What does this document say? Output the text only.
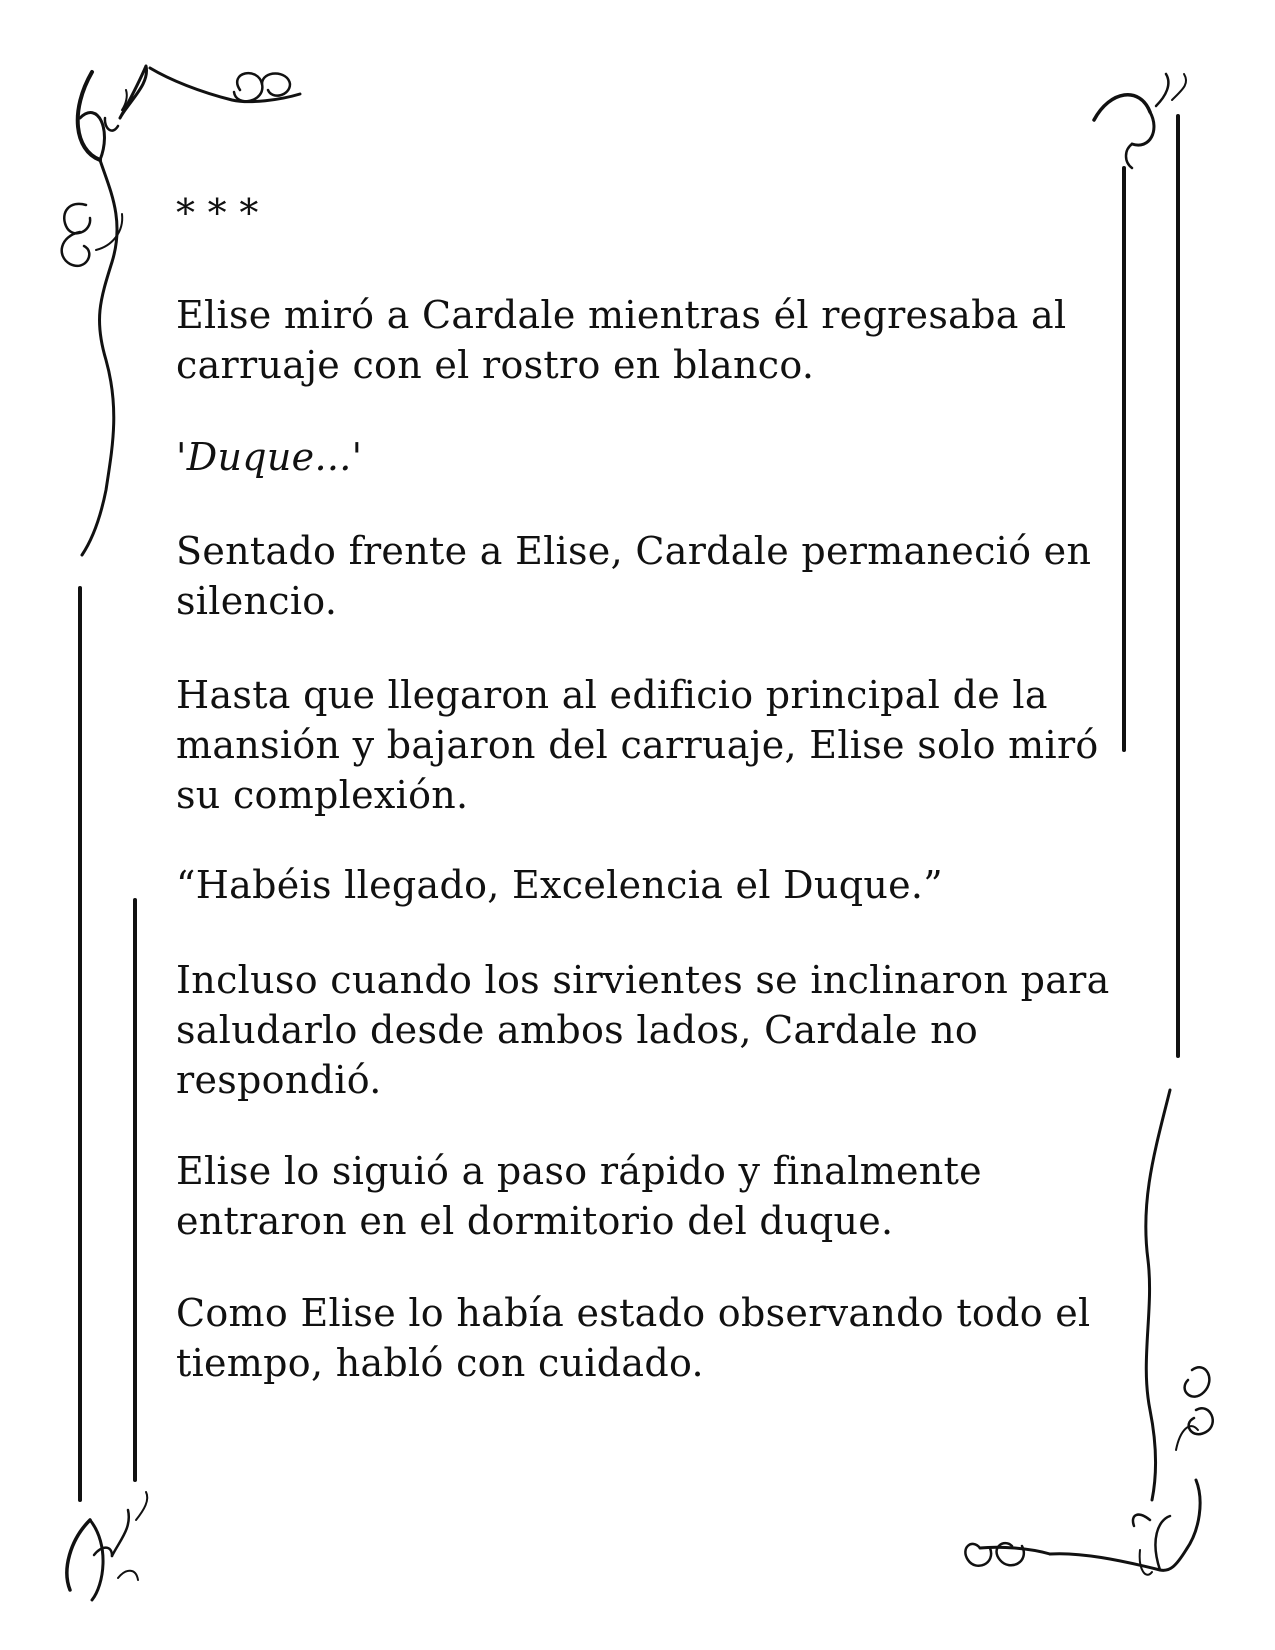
* * *
Elise miró a Cardale mientras él regresaba al
carruaje con el rostro en blanco.
'Duque...'
Sentado frente a Elise, Cardale permaneció en
silencio.
Hasta que llegaron al edificio principal de la
mansión y bajaron del carruaje, Elise solo miró
su complexión.
“Habéis llegado, Excelencia el Duque.”
Incluso cuando los sirvientes se inclinaron para
saludarlo desde ambos lados, Cardale no
respondió.
Elise lo siguió a paso rápido y finalmente
entraron en el dormitorio del duque.
Como Elise lo había estado observando todo el
tiempo, habló con cuidado.
